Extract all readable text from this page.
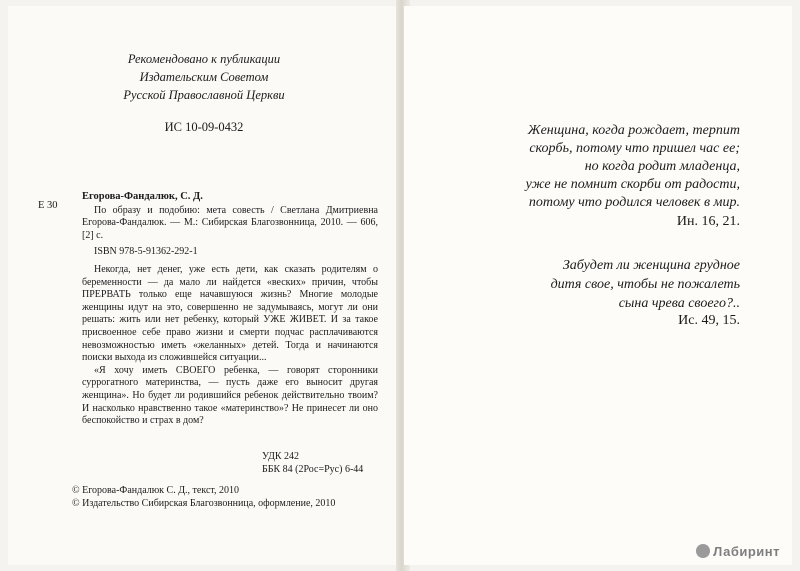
Рекомендовано к публикации
Издательским Советом
Русской Православной Церкви
ИС 10-09-0432
Е 30
Егорова-Фандалюк, С. Д.
По образу и подобию: мета совесть / Светлана Дмитриевна Егорова-Фандалюк. — М.: Сибирская Благозвонница, 2010. — 606, [2] с.
ISBN 978-5-91362-292-1
Некогда, нет денег, уже есть дети, как сказать родителям о беременности — да мало ли найдется «веских» причин, чтобы ПРЕРВАТЬ только еще начавшуюся жизнь? Многие молодые женщины идут на это, совершенно не задумываясь, могут ли они решать: жить или нет ребенку, который УЖЕ ЖИВЕТ. И за такое присвоенное себе право жизни и смерти подчас расплачиваются невозможностью иметь «желанных» детей. Тогда и начинаются поиски выхода из сложившейся ситуации...
«Я хочу иметь СВОЕГО ребенка, — говорят сторонники суррогатного материнства, — пусть даже его выносит другая женщина». Но будет ли родившийся ребенок действительно твоим? И насколько нравственно такое «материнство»? Не принесет ли оно беспокойство и страх в дом?
УДК 242
ББК 84 (2Рос=Рус) 6-44
© Егорова-Фандалюк С. Д., текст, 2010
© Издательство Сибирская Благозвонница, оформление, 2010
Женщина, когда рождает, терпит
скорбь, потому что пришел час ее;
но когда родит младенца,
уже не помнит скорби от радости,
потому что родился человек в мир.
Ин. 16, 21.
Забудет ли женщина грудное
дитя свое, чтобы не пожалеть
сына чрева своего?..
Ис. 49, 15.
Лабиринт
